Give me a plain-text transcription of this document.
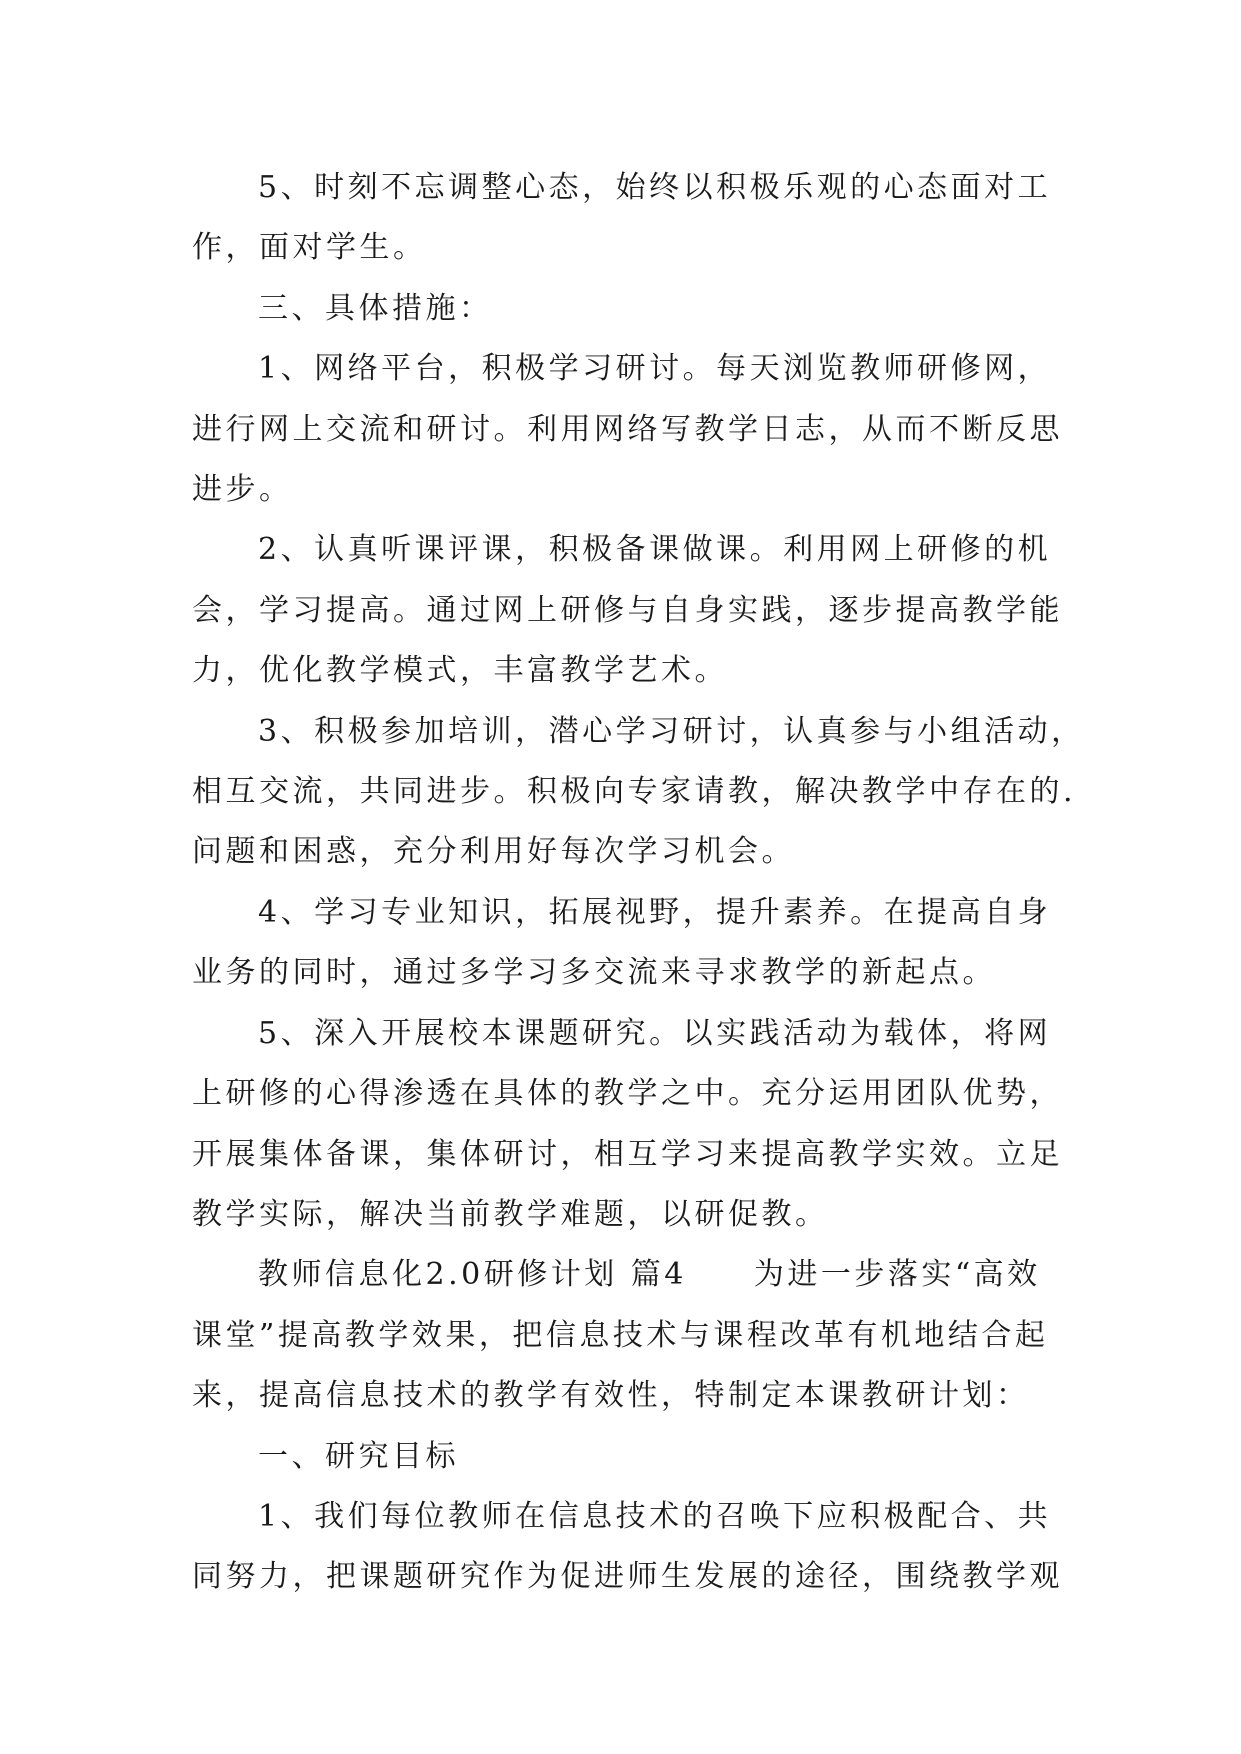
5、时刻不忘调整心态，始终以积极乐观的心态面对工
作，面对学生。
三、具体措施：
1、网络平台，积极学习研讨。每天浏览教师研修网，
进行网上交流和研讨。利用网络写教学日志，从而不断反思
进步。
2、认真听课评课，积极备课做课。利用网上研修的机
会，学习提高。通过网上研修与自身实践，逐步提高教学能
力，优化教学模式，丰富教学艺术。
3、积极参加培训，潜心学习研讨，认真参与小组活动，
相互交流，共同进步。积极向专家请教，解决教学中存在的.
问题和困惑，充分利用好每次学习机会。
4、学习专业知识，拓展视野，提升素养。在提高自身
业务的同时，通过多学习多交流来寻求教学的新起点。
5、深入开展校本课题研究。以实践活动为载体，将网
上研修的心得渗透在具体的教学之中。充分运用团队优势，
开展集体备课，集体研讨，相互学习来提高教学实效。立足
教学实际，解决当前教学难题，以研促教。
教师信息化2.0研修计划 篇4　　为进一步落实“高效
课堂”提高教学效果，把信息技术与课程改革有机地结合起
来，提高信息技术的教学有效性，特制定本课教研计划：
一、研究目标
1、我们每位教师在信息技术的召唤下应积极配合、共
同努力，把课题研究作为促进师生发展的途径，围绕教学观
